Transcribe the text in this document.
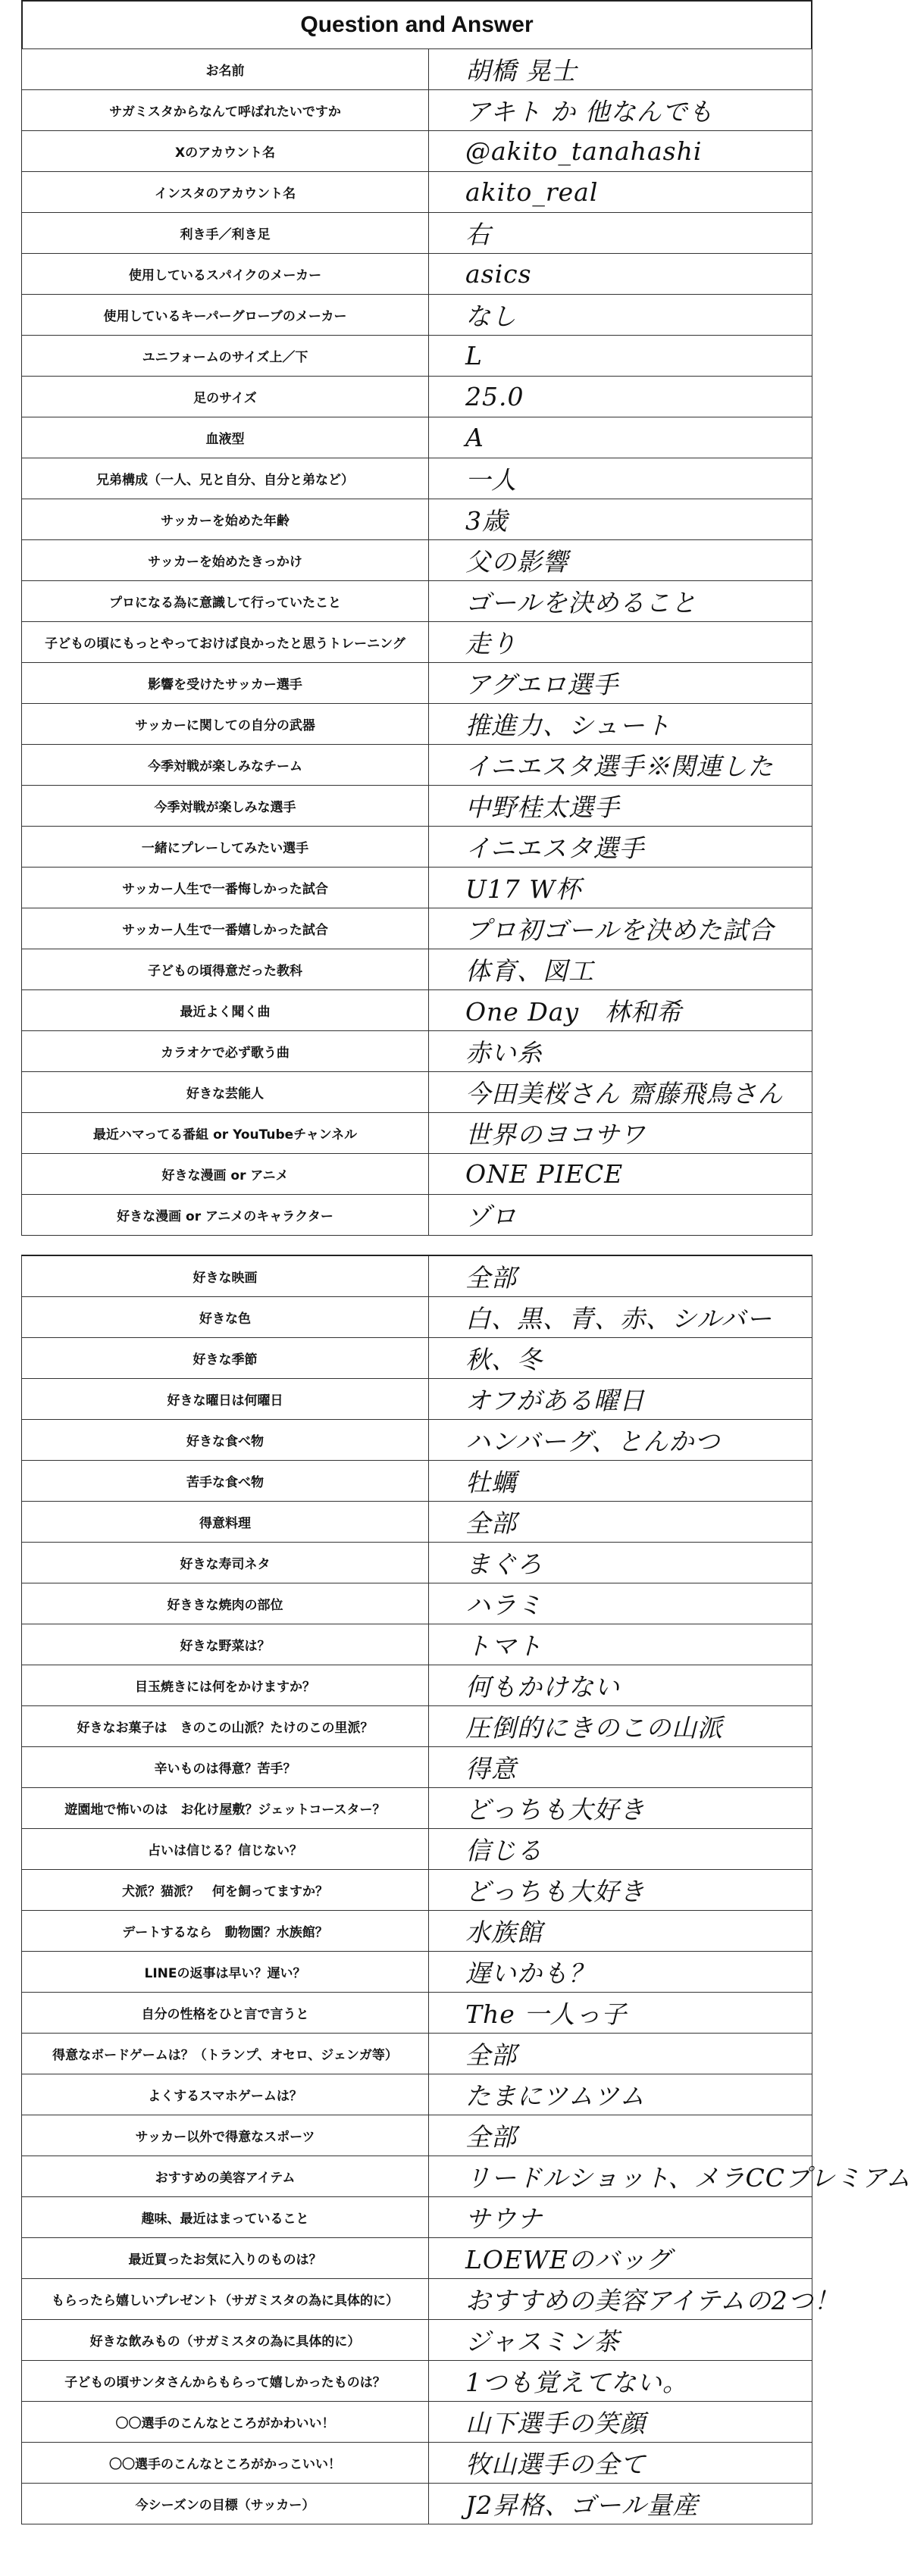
Question and Answer
お名前	胡橋 晃士
サガミスタからなんて呼ばれたいですか	アキト か 他なんでも
Xのアカウント名	@akito_tanahashi
インスタのアカウント名	akito_real
利き手／利き足	右
使用しているスパイクのメーカー	asics
使用しているキーパーグローブのメーカー	なし
ユニフォームのサイズ上／下	L
足のサイズ	25.0
血液型	A
兄弟構成（一人、兄と自分、自分と弟など）	一人
サッカーを始めた年齢	3歳
サッカーを始めたきっかけ	父の影響
プロになる為に意識して行っていたこと	ゴールを決めること
子どもの頃にもっとやっておけば良かったと思うトレーニング	走り
影響を受けたサッカー選手	アグエロ選手
サッカーに関しての自分の武器	推進力、シュート
今季対戦が楽しみなチーム	イニエスタ選手※関連した
今季対戦が楽しみな選手	中野桂太選手
一緒にプレーしてみたい選手	イニエスタ選手
サッカー人生で一番悔しかった試合	U17 W杯
サッカー人生で一番嬉しかった試合	プロ初ゴールを決めた試合
子どもの頃得意だった教科	体育、図工
最近よく聞く曲	One Day　林和希
カラオケで必ず歌う曲	赤い糸
好きな芸能人	今田美桜さん 齋藤飛鳥さん
最近ハマってる番組 or YouTubeチャンネル	世界のヨコサワ
好きな漫画 or アニメ	ONE PIECE
好きな漫画 or アニメのキャラクター	ゾロ
好きな映画	全部
好きな色	白、黒、青、赤、シルバー
好きな季節	秋、冬
好きな曜日は何曜日	オフがある曜日
好きな食べ物	ハンバーグ、とんかつ
苦手な食べ物	牡蠣
得意料理	全部
好きな寿司ネタ	まぐろ
好ききな焼肉の部位	ハラミ
好きな野菜は？	トマト
目玉焼きには何をかけますか？	何もかけない
好きなお菓子は　きのこの山派？たけのこの里派？	圧倒的にきのこの山派
辛いものは得意？苦手？	得意
遊園地で怖いのは　お化け屋敷？ジェットコースター？	どっちも大好き
占いは信じる？信じない？	信じる
犬派？猫派？　何を飼ってますか？	どっちも大好き
デートするなら　動物園？水族館？	水族館
LINEの返事は早い？遅い？	遅いかも？
自分の性格をひと言で言うと	The 一人っ子
得意なボードゲームは？（トランプ、オセロ、ジェンガ等）	全部
よくするスマホゲームは？	たまにツムツム
サッカー以外で得意なスポーツ	全部
おすすめの美容アイテム	リードルショット、メラCCプレミアム
趣味、最近はまっていること	サウナ
最近買ったお気に入りのものは？	LOEWEのバッグ
もらったら嬉しいプレゼント（サガミスタの為に具体的に）	おすすめの美容アイテムの2つ！
好きな飲みもの（サガミスタの為に具体的に）	ジャスミン茶
子どもの頃サンタさんからもらって嬉しかったものは？	1つも覚えてない。
〇〇選手のこんなところがかわいい！	山下選手の笑顔
〇〇選手のこんなところがかっこいい！	牧山選手の全て
今シーズンの目標（サッカー）	J2昇格、ゴール量産
